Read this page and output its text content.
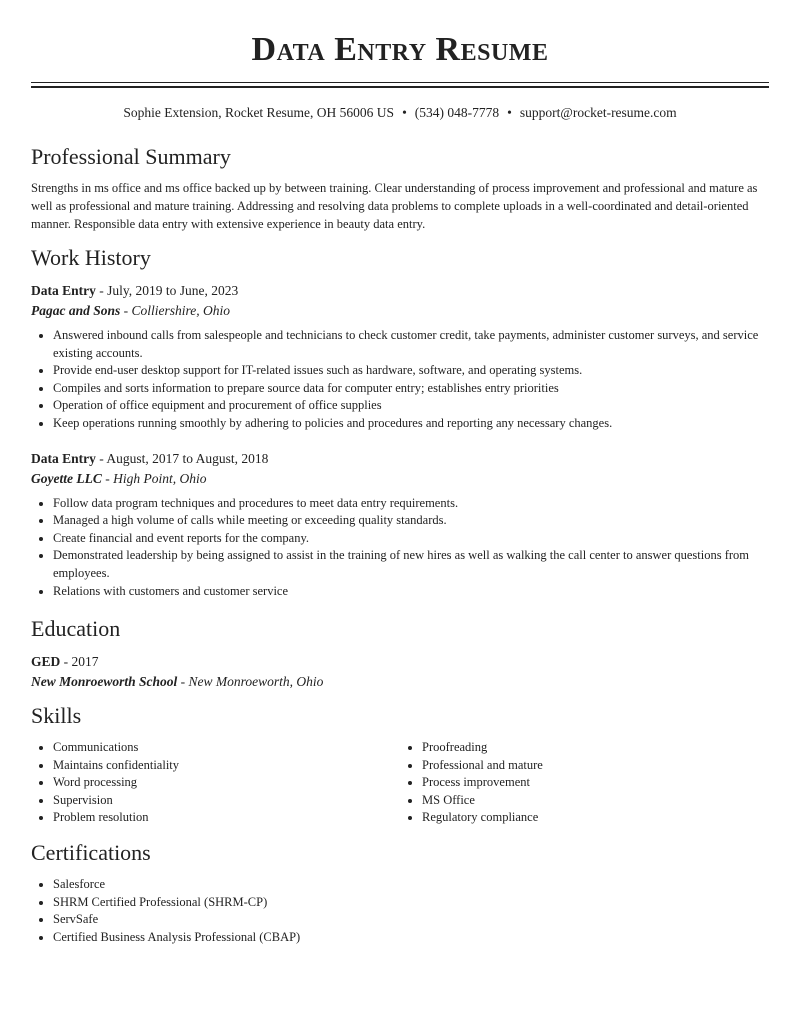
Data Entry Resume
Sophie Extension, Rocket Resume, OH 56006 US • (534) 048-7778 • support@rocket-resume.com
Professional Summary

Strengths in ms office and ms office backed up by between training. Clear understanding of process improvement and professional and mature as well as professional and mature training. Addressing and resolving data problems to complete uploads in a well-coordinated and detail-oriented manner. Responsible data entry with extensive experience in beauty data entry.

Work History

Data Entry - July, 2019 to June, 2023

Pagac and Sons - Colliershire, Ohio

• Answered inbound calls from salespeople and technicians to check customer credit, take payments, administer customer surveys, and service existing accounts.
• Provide end-user desktop support for IT-related issues such as hardware, software, and operating systems.
• Compiles and sorts information to prepare source data for computer entry; establishes entry priorities
• Operation of office equipment and procurement of office supplies
• Keep operations running smoothly by adhering to policies and procedures and reporting any necessary changes.

Data Entry - August, 2017 to August, 2018

Goyette LLC - High Point, Ohio

• Follow data program techniques and procedures to meet data entry requirements.
• Managed a high volume of calls while meeting or exceeding quality standards.
• Create financial and event reports for the company.
• Demonstrated leadership by being assigned to assist in the training of new hires as well as walking the call center to answer questions from employees.
• Relations with customers and customer service
Education

GED - 2017

New Monroeworth School - New Monroeworth, Ohio

Skills
• Communications
• Maintains confidentiality
• Word processing
• Supervision
• Problem resolution
• Proofreading
• Professional and mature
• Process improvement
• MS Office
• Regulatory compliance
Certifications
• Salesforce
• SHRM Certified Professional (SHRM-CP)
• ServSafe
• Certified Business Analysis Professional (CBAP)
